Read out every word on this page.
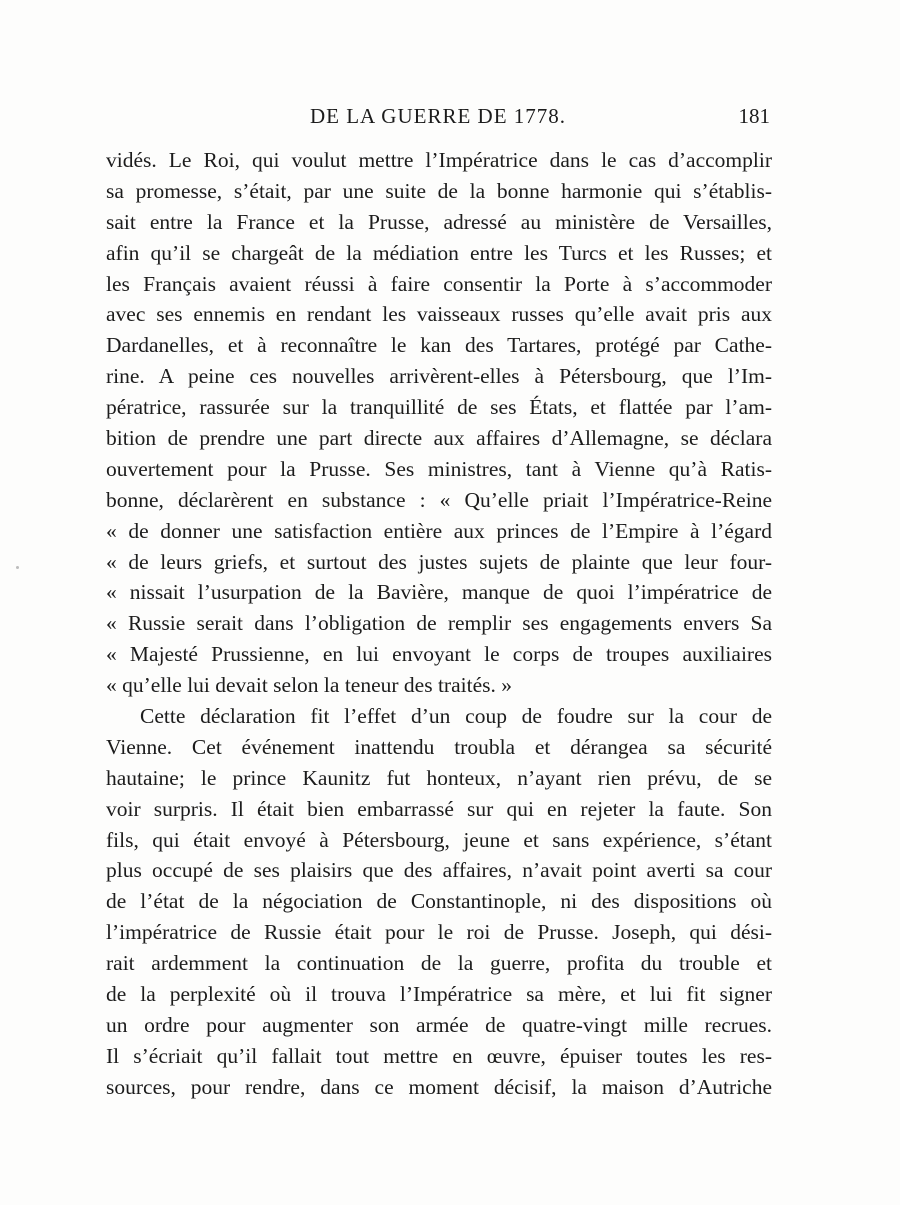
DE LA GUERRE DE 1778.	181
vidés. Le Roi, qui voulut mettre l’Impératrice dans le cas d’accomplir
sa promesse, s’était, par une suite de la bonne harmonie qui s’établis-
sait entre la France et la Prusse, adressé au ministère de Versailles,
afin qu’il se chargeât de la médiation entre les Turcs et les Russes; et
les Français avaient réussi à faire consentir la Porte à s’accommoder
avec ses ennemis en rendant les vaisseaux russes qu’elle avait pris aux
Dardanelles, et à reconnaître le kan des Tartares, protégé par Cathe-
rine. A peine ces nouvelles arrivèrent-elles à Pétersbourg, que l’Im-
pératrice, rassurée sur la tranquillité de ses États, et flattée par l’am-
bition de prendre une part directe aux affaires d’Allemagne, se déclara
ouvertement pour la Prusse. Ses ministres, tant à Vienne qu’à Ratis-
bonne, déclarèrent en substance : « Qu’elle priait l’Impératrice-Reine
« de donner une satisfaction entière aux princes de l’Empire à l’égard
« de leurs griefs, et surtout des justes sujets de plainte que leur four-
« nissait l’usurpation de la Bavière, manque de quoi l’impératrice de
« Russie serait dans l’obligation de remplir ses engagements envers Sa
« Majesté Prussienne, en lui envoyant le corps de troupes auxiliaires
« qu’elle lui devait selon la teneur des traités. »
Cette déclaration fit l’effet d’un coup de foudre sur la cour de
Vienne. Cet événement inattendu troubla et dérangea sa sécurité
hautaine; le prince Kaunitz fut honteux, n’ayant rien prévu, de se
voir surpris. Il était bien embarrassé sur qui en rejeter la faute. Son
fils, qui était envoyé à Pétersbourg, jeune et sans expérience, s’étant
plus occupé de ses plaisirs que des affaires, n’avait point averti sa cour
de l’état de la négociation de Constantinople, ni des dispositions où
l’impératrice de Russie était pour le roi de Prusse. Joseph, qui dési-
rait ardemment la continuation de la guerre, profita du trouble et
de la perplexité où il trouva l’Impératrice sa mère, et lui fit signer
un ordre pour augmenter son armée de quatre-vingt mille recrues.
Il s’écriait qu’il fallait tout mettre en œuvre, épuiser toutes les res-
sources, pour rendre, dans ce moment décisif, la maison d’Autriche
